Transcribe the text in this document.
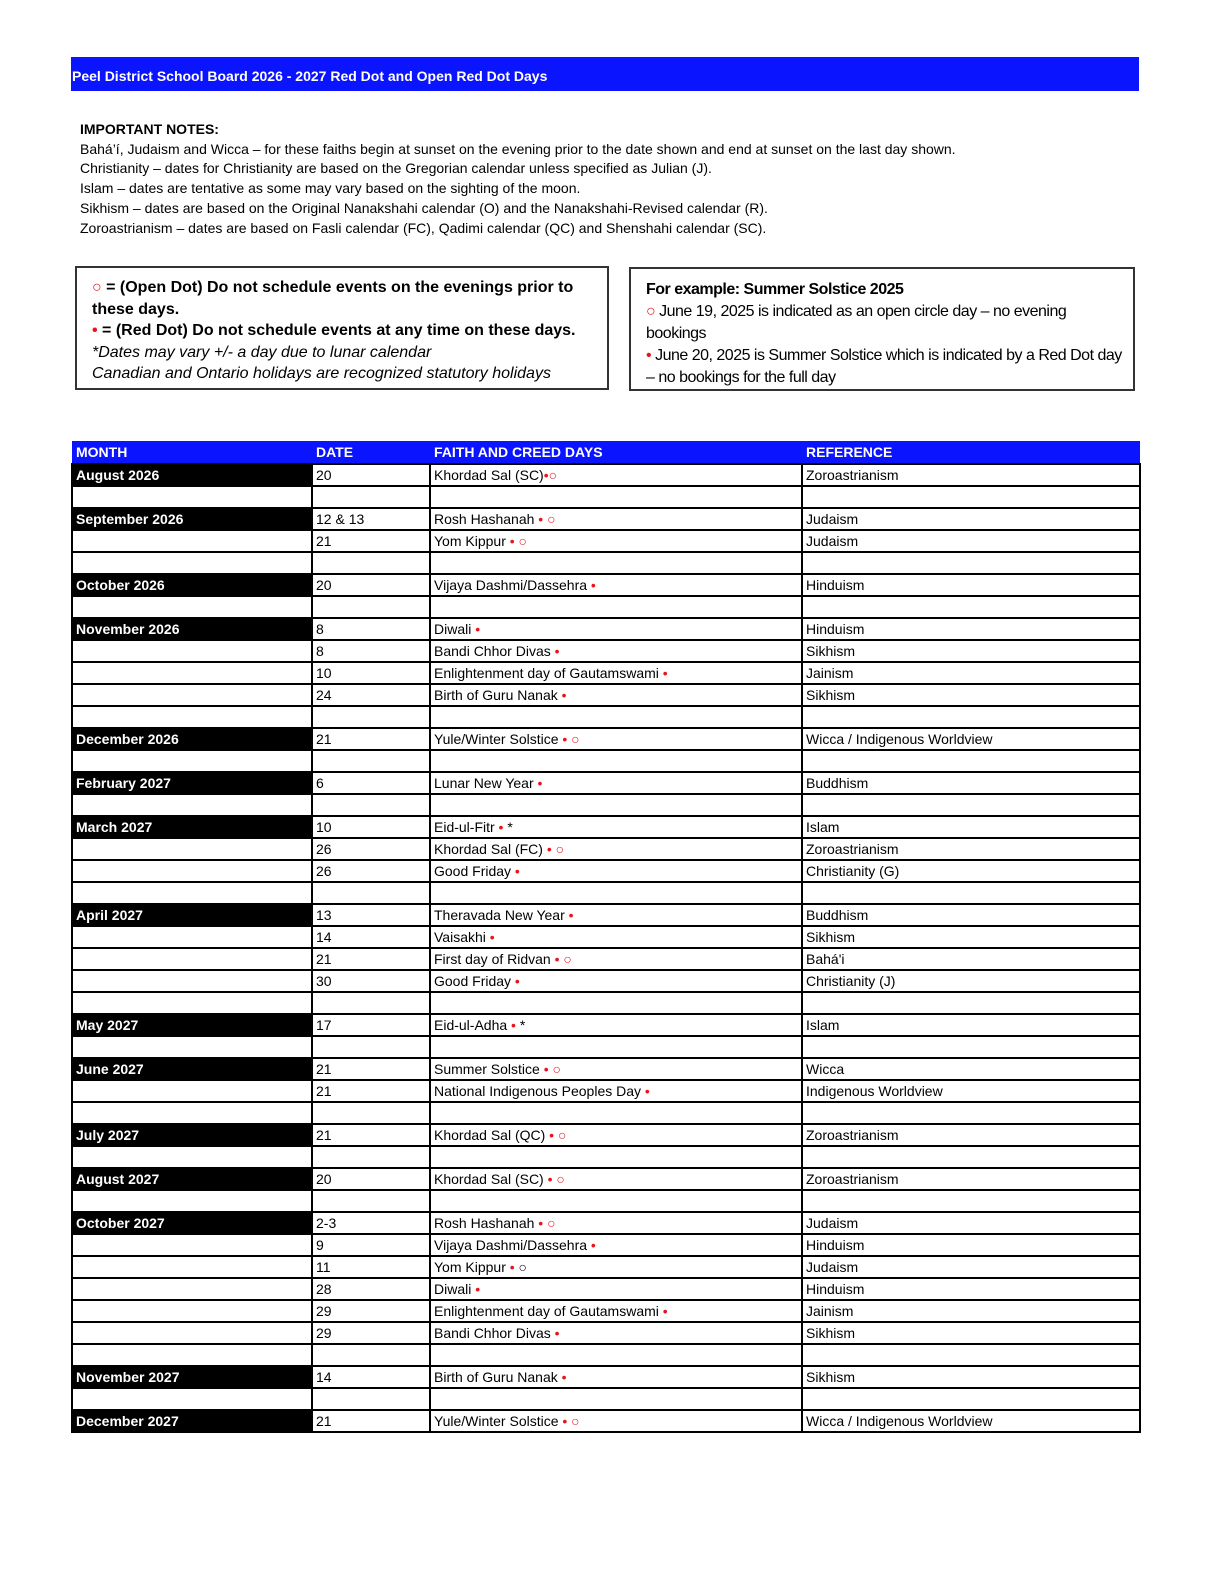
Peel District School Board 2026 - 2027 Red Dot and Open Red Dot Days
IMPORTANT NOTES:
Bahá’í, Judaism and Wicca – for these faiths begin at sunset on the evening prior to the date shown and end at sunset on the last day shown.
Christianity – dates for Christianity are based on the Gregorian calendar unless specified as Julian (J).
Islam – dates are tentative as some may vary based on the sighting of the moon.
Sikhism – dates are based on the Original Nanakshahi calendar (O) and the Nanakshahi-Revised calendar (R).
Zoroastrianism – dates are based on Fasli calendar (FC), Qadimi calendar (QC) and Shenshahi calendar (SC).
○ = (Open Dot) Do not schedule events on the evenings prior to these days.
• = (Red Dot) Do not schedule events at any time on these days.
*Dates may vary +/- a day due to lunar calendar
Canadian and Ontario holidays are recognized statutory holidays
For example: Summer Solstice 2025
○ June 19, 2025 is indicated as an open circle day – no evening bookings
• June 20, 2025 is Summer Solstice which is indicated by a Red Dot day – no bookings for the full day
MONTH	DATE	FAITH AND CREED DAYS	REFERENCE
August 2026	20	Khordad Sal (SC)•○	Zoroastrianism

September 2026	12 & 13	Rosh Hashanah • ○	Judaism
	21	Yom Kippur • ○	Judaism

October 2026	20	Vijaya Dashmi/Dassehra •	Hinduism

November 2026	8	Diwali •	Hinduism
	8	Bandi Chhor Divas •	Sikhism
	10	Enlightenment day of Gautamswami •	Jainism
	24	Birth of Guru Nanak •	Sikhism

December 2026	21	Yule/Winter Solstice • ○	Wicca / Indigenous Worldview

February 2027	6	Lunar New Year •	Buddhism

March 2027	10	Eid-ul-Fitr • *	Islam
	26	Khordad Sal (FC) • ○	Zoroastrianism
	26	Good Friday •	Christianity (G)

April 2027	13	Theravada New Year •	Buddhism
	14	Vaisakhi •	Sikhism
	21	First day of Ridvan • ○	Bahá'i
	30	Good Friday •	Christianity (J)

May 2027	17	Eid-ul-Adha • *	Islam

June 2027	21	Summer Solstice • ○	Wicca
	21	National Indigenous Peoples Day •	Indigenous Worldview

July 2027	21	Khordad Sal (QC) • ○	Zoroastrianism

August 2027	20	Khordad Sal (SC) • ○	Zoroastrianism

October 2027	2-3	Rosh Hashanah • ○	Judaism
	9	Vijaya Dashmi/Dassehra •	Hinduism
	11	Yom Kippur • ○	Judaism
	28	Diwali •	Hinduism
	29	Enlightenment day of Gautamswami •	Jainism
	29	Bandi Chhor Divas •	Sikhism

November 2027	14	Birth of Guru Nanak •	Sikhism

December 2027	21	Yule/Winter Solstice • ○	Wicca / Indigenous Worldview
